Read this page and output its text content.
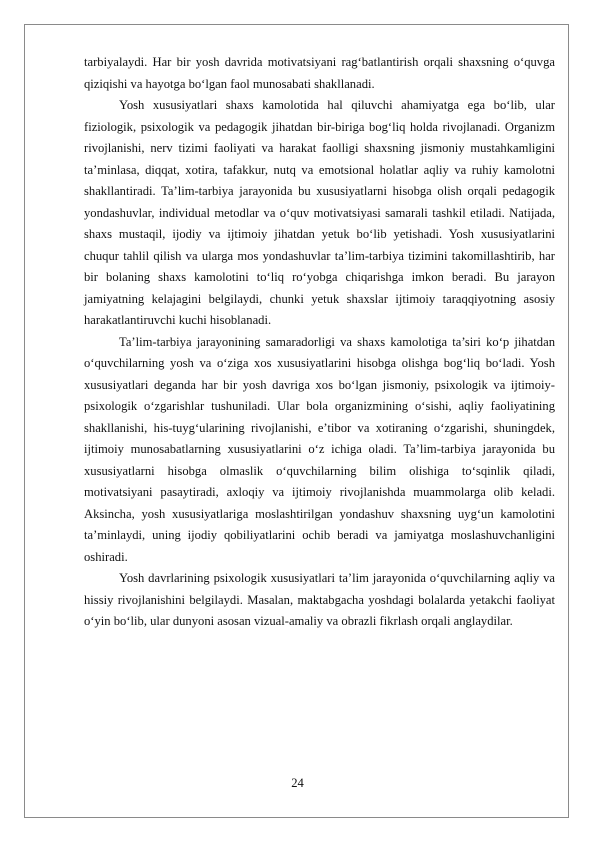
tarbiyalaydi. Har bir yosh davrida motivatsiyani rag‘batlantirish orqali shaxsning o‘quvga qiziqishi va hayotga bo‘lgan faol munosabati shakllanadi.

Yosh xususiyatlari shaxs kamolotida hal qiluvchi ahamiyatga ega bo‘lib, ular fiziologik, psixologik va pedagogik jihatdan bir-biriga bog‘liq holda rivojlanadi. Organizm rivojlanishi, nerv tizimi faoliyati va harakat faolligi shaxsning jismoniy mustahkamligini ta’minlasa, diqqat, xotira, tafakkur, nutq va emotsional holatlar aqliy va ruhiy kamolotni shakllantiradi. Ta’lim-tarbiya jarayonida bu xususiyatlarni hisobga olish orqali pedagogik yondashuvlar, individual metodlar va o‘quv motivatsiyasi samarali tashkil etiladi. Natijada, shaxs mustaqil, ijodiy va ijtimoiy jihatdan yetuk bo‘lib yetishadi. Yosh xususiyatlarini chuqur tahlil qilish va ularga mos yondashuvlar ta’lim-tarbiya tizimini takomillashtirib, har bir bolaning shaxs kamolotini to‘liq ro‘yobga chiqarishga imkon beradi. Bu jarayon jamiyatning kelajagini belgilaydi, chunki yetuk shaxslar ijtimoiy taraqqiyotning asosiy harakatlantiruvchi kuchi hisoblanadi.

Ta’lim-tarbiya jarayonining samaradorligi va shaxs kamolotiga ta’siri ko‘p jihatdan o‘quvchilarning yosh va o‘ziga xos xususiyatlarini hisobga olishga bog‘liq bo‘ladi. Yosh xususiyatlari deganda har bir yosh davriga xos bo‘lgan jismoniy, psixologik va ijtimoiy-psixologik o‘zgarishlar tushuniladi. Ular bola organizmining o‘sishi, aqliy faoliyatining shakllanishi, his-tuyg‘ularining rivojlanishi, e’tibor va xotiraning o‘zgarishi, shuningdek, ijtimoiy munosabatlarning xususiyatlarini o‘z ichiga oladi. Ta’lim-tarbiya jarayonida bu xususiyatlarni hisobga olmaslik o‘quvchilarning bilim olishiga to‘sqinlik qiladi, motivatsiyani pasaytiradi, axloqiy va ijtimoiy rivojlanishda muammolarga olib keladi. Aksincha, yosh xususiyatlariga moslashtirilgan yondashuv shaxsning uyg‘un kamolotini ta’minlaydi, uning ijodiy qobiliyatlarini ochib beradi va jamiyatga moslashuvchanligini oshiradi.

Yosh davrlarining psixologik xususiyatlari ta’lim jarayonida o‘quvchilarning aqliy va hissiy rivojlanishini belgilaydi. Masalan, maktabgacha yoshdagi bolalarda yetakchi faoliyat o‘yin bo‘lib, ular dunyoni asosan vizual-amaliy va obrazli fikrlash orqali anglaydilar.

24
